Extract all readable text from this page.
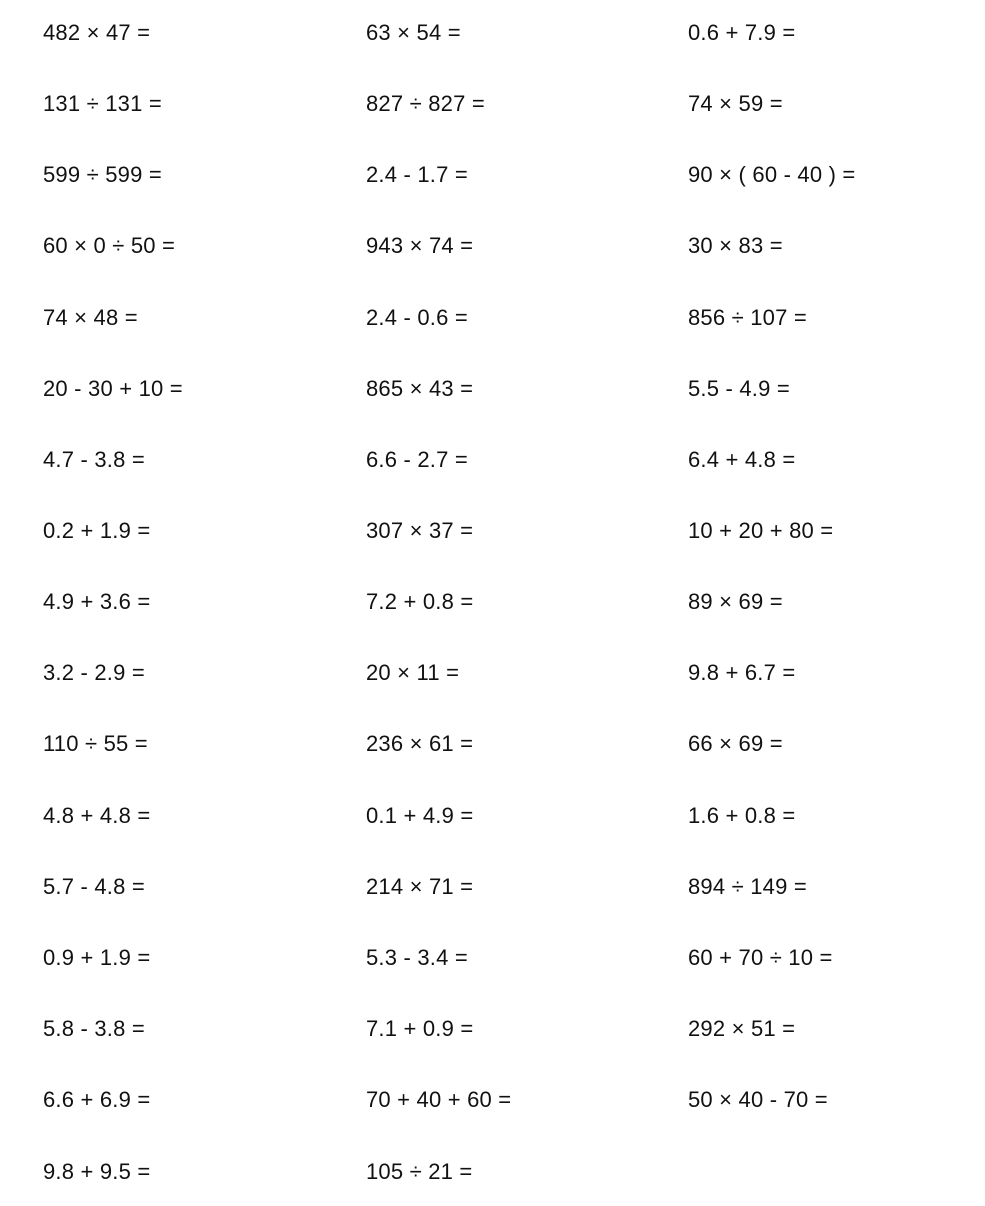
482 × 47 =	63 × 54 =	0.6 + 7.9 =
131 ÷ 131 =	827 ÷ 827 =	74 × 59 =
599 ÷ 599 =	2.4 - 1.7 =	90 × ( 60 - 40 ) =
60 × 0 ÷ 50 =	943 × 74 =	30 × 83 =
74 × 48 =	2.4 - 0.6 =	856 ÷ 107 =
20 - 30 + 10 =	865 × 43 =	5.5 - 4.9 =
4.7 - 3.8 =	6.6 - 2.7 =	6.4 + 4.8 =
0.2 + 1.9 =	307 × 37 =	10 + 20 + 80 =
4.9 + 3.6 =	7.2 + 0.8 =	89 × 69 =
3.2 - 2.9 =	20 × 11 =	9.8 + 6.7 =
110 ÷ 55 =	236 × 61 =	66 × 69 =
4.8 + 4.8 =	0.1 + 4.9 =	1.6 + 0.8 =
5.7 - 4.8 =	214 × 71 =	894 ÷ 149 =
0.9 + 1.9 =	5.3 - 3.4 =	60 + 70 ÷ 10 =
5.8 - 3.8 =	7.1 + 0.9 =	292 × 51 =
6.6 + 6.9 =	70 + 40 + 60 =	50 × 40 - 70 =
9.8 + 9.5 =	105 ÷ 21 =
